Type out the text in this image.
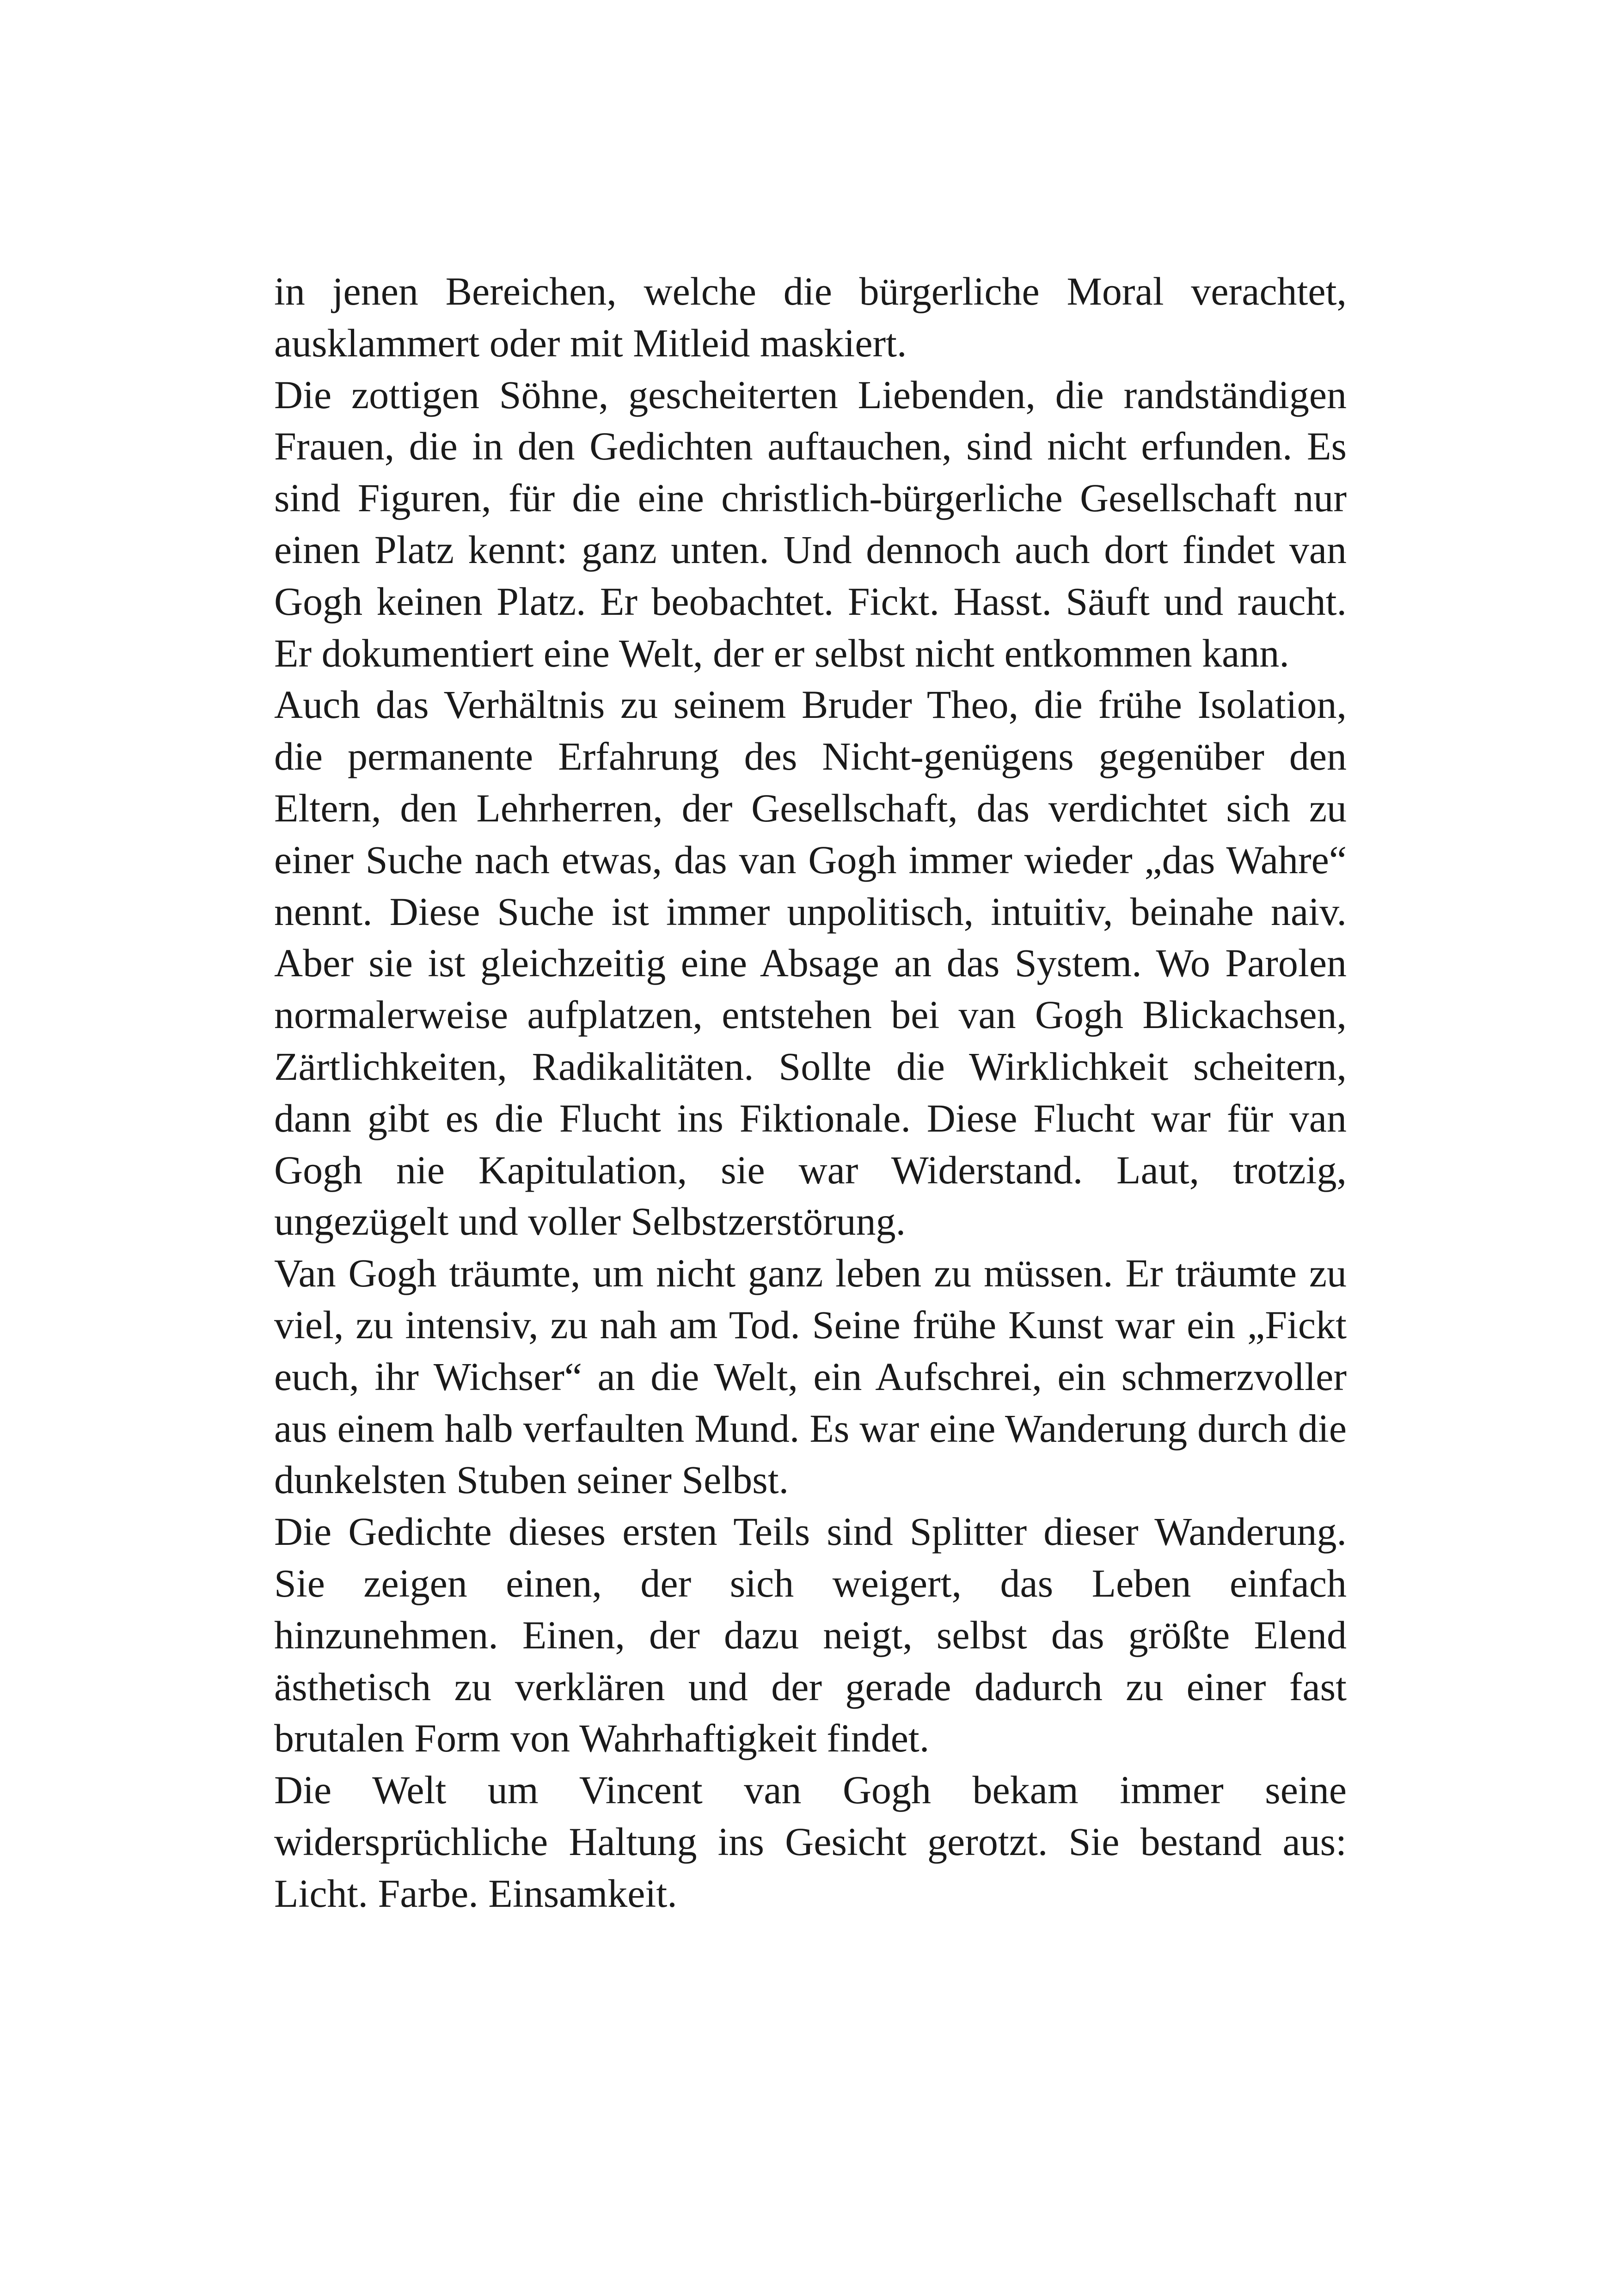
in jenen Bereichen, welche die bürgerliche Moral verachtet, ausklammert oder mit Mitleid maskiert.

Die zottigen Söhne, gescheiterten Liebenden, die randständigen Frauen, die in den Gedichten auftauchen, sind nicht erfunden. Es sind Figuren, für die eine christlich-bürgerliche Gesellschaft nur einen Platz kennt: ganz unten. Und dennoch auch dort findet van Gogh keinen Platz. Er beobachtet. Fickt. Hasst. Säuft und raucht. Er dokumentiert eine Welt, der er selbst nicht entkommen kann.

Auch das Verhältnis zu seinem Bruder Theo, die frühe Isolation, die permanente Erfahrung des Nicht-genügens gegenüber den Eltern, den Lehrherren, der Gesellschaft, das verdichtet sich zu einer Suche nach etwas, das van Gogh immer wieder „das Wahre“ nennt. Diese Suche ist immer unpolitisch, intuitiv, beinahe naiv. Aber sie ist gleichzeitig eine Absage an das System. Wo Parolen normalerweise aufplatzen, entstehen bei van Gogh Blickachsen, Zärtlichkeiten, Radikalitäten. Sollte die Wirklichkeit scheitern, dann gibt es die Flucht ins Fiktionale. Diese Flucht war für van Gogh nie Kapitulation, sie war Widerstand. Laut, trotzig, ungezügelt und voller Selbstzerstörung.

Van Gogh träumte, um nicht ganz leben zu müssen. Er träumte zu viel, zu intensiv, zu nah am Tod. Seine frühe Kunst war ein „Fickt euch, ihr Wichser“ an die Welt, ein Aufschrei, ein schmerzvoller aus einem halb verfaulten Mund. Es war eine Wanderung durch die dunkelsten Stuben seiner Selbst.

Die Gedichte dieses ersten Teils sind Splitter dieser Wanderung. Sie zeigen einen, der sich weigert, das Leben einfach hinzunehmen. Einen, der dazu neigt, selbst das größte Elend ästhetisch zu verklären und der gerade dadurch zu einer fast brutalen Form von Wahrhaftigkeit findet.

Die Welt um Vincent van Gogh bekam immer seine widersprüchliche Haltung ins Gesicht gerotzt. Sie bestand aus: Licht. Farbe. Einsamkeit.
